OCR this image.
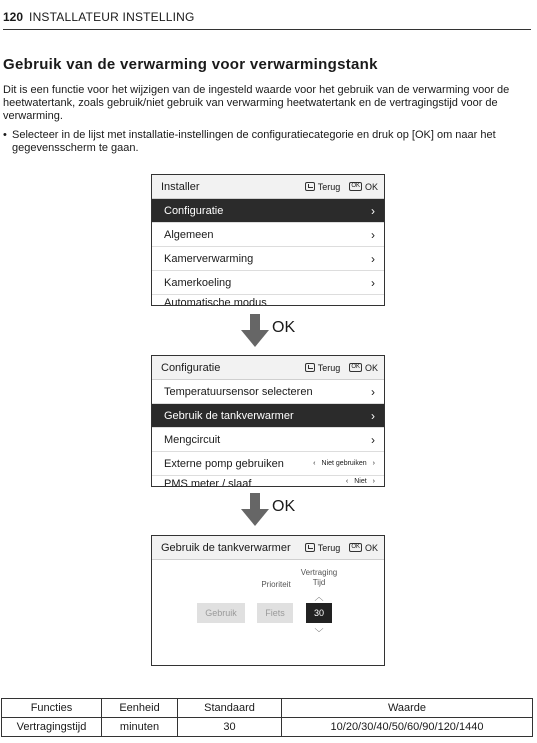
120 INSTALLATEUR INSTELLING
Gebruik van de verwarming voor verwarmingstank

Dit is een functie voor het wijzigen van de ingesteld waarde voor het gebruik van de verwarming voor de heetwatertank, zoals gebruik/niet gebruik van verwarming heetwatertank en de vertragingstijd voor de verwarming.

• Selecteer in de lijst met installatie-instellingen de configuratiecategorie en druk op [OK] om naar het gegevensscherm te gaan.
Installer	Terug	OK OK
Configuratie	›
Algemeen	›
Kamerverwarming	›
Kamerkoeling	›
Automatische modus
OK
Configuratie	Terug	OK OK
Temperatuursensor selecteren	›
Gebruik de tankverwarmer	›
Mengcircuit	›
Externe pomp gebruiken	‹ Niet gebruiken ›
PMS meter / slaaf	‹ Niet ›
OK
Gebruik de tankverwarmer	Terug	OK OK
Prioriteit
Vertraging
Tijd
︿
Gebruik	Fiets	30
﹀
Functies	Eenheid	Standaard	Waarde
Vertragingstijd	minuten	30	10/20/30/40/50/60/90/120/1440
